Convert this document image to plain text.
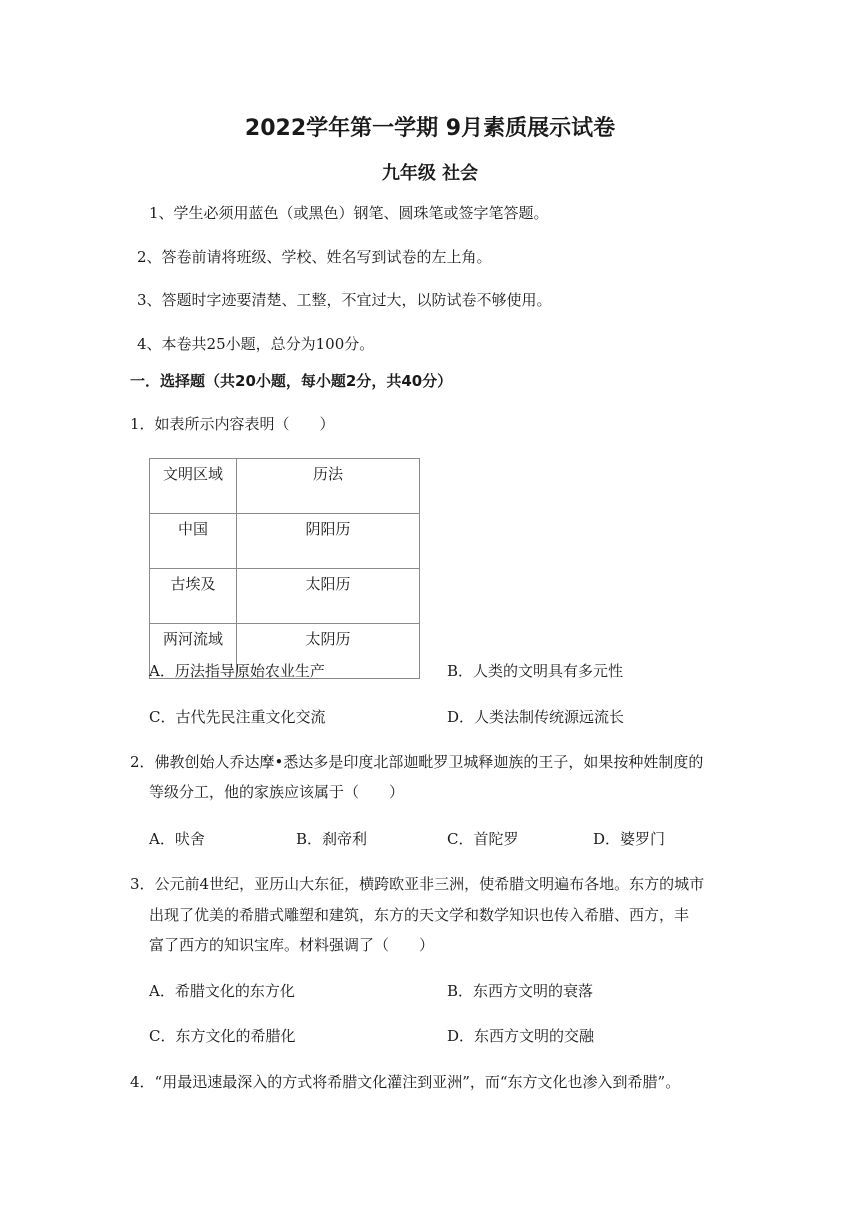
2022学年第一学期 9月素质展示试卷
九年级 社会
1、学生必须用蓝色（或黑色）钢笔、圆珠笔或签字笔答题。
2、答卷前请将班级、学校、姓名写到试卷的左上角。
3、答题时字迹要清楚、工整，不宜过大，以防试卷不够使用。
4、本卷共25小题，总分为100分。
一．选择题（共20小题，每小题2分，共40分）
1．如表所示内容表明（　　）
文明区域	历法
中国	阴阳历
古埃及	太阳历
两河流域	太阴历
A．历法指导原始农业生产	B．人类的文明具有多元性
C．古代先民注重文化交流	D．人类法制传统源远流长
2．佛教创始人乔达摩•悉达多是印度北部迦毗罗卫城释迦族的王子，如果按种姓制度的
等级分工，他的家族应该属于（　　）
A．吠舍	B．刹帝利	C．首陀罗	D．婆罗门
3．公元前4世纪，亚历山大东征，横跨欧亚非三洲，使希腊文明遍布各地。东方的城市
出现了优美的希腊式雕塑和建筑，东方的天文学和数学知识也传入希腊、西方，丰
富了西方的知识宝库。材料强调了（　　）
A．希腊文化的东方化	B．东西方文明的衰落
C．东方文化的希腊化	D．东西方文明的交融
4．“用最迅速最深入的方式将希腊文化灌注到亚洲”，而“东方文化也渗入到希腊”。
